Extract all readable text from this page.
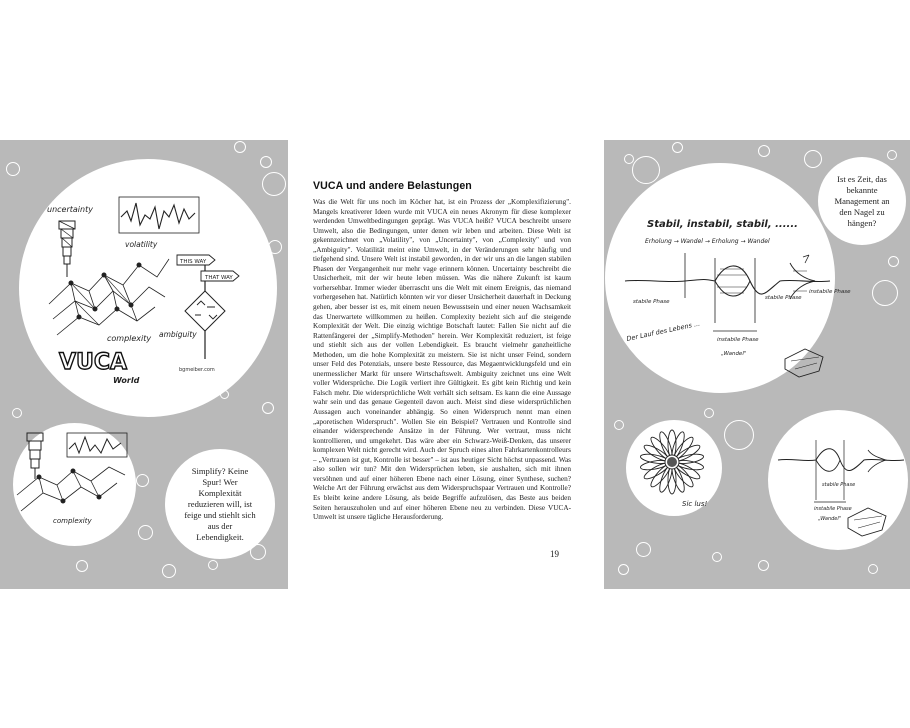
uncertainty
volatility
complexity
THIS WAY
THAT WAY
ambiguity
VUCA
World
bgmeiber.com
complexity
Simplify? Keine Spur! Wer Komplexität reduzieren will, ist feige und stiehlt sich aus der Lebendigkeit.
VUCA und andere Belastungen

Was die Welt für uns noch im Köcher hat, ist ein Prozess der „Komplexifizierung". Mangels kreativerer Ideen wurde mit VUCA ein neues Akronym für diese komplexer werdenden Umweltbedingungen geprägt. Was VUCA heißt? VUCA beschreibt unsere Umwelt, also die Bedingungen, unter denen wir leben und arbeiten. Diese Welt ist gekennzeichnet von „Volatility", von „Uncertainty", von „Complexity" und von „Ambiguity". Volatilität meint eine Umwelt, in der Veränderungen sehr häufig und tiefgehend sind. Unsere Welt ist instabil geworden, in der wir uns an die langen stabilen Phasen der Vergangenheit nur mehr vage erinnern können. Uncertainty beschreibt die Unsicherheit, mit der wir heute leben müssen. Was die nähere Zukunft ist kaum vorhersehbar. Immer wieder überrascht uns die Welt mit einem Ereignis, das niemand vorhergesehen hat. Natürlich könnten wir vor dieser Unsicherheit dauerhaft in Deckung gehen, aber besser ist es, mit einem neuen Bewusstsein und einer neuen Wachsamkeit das Unerwartete willkommen zu heißen. Complexity bezieht sich auf die steigende Komplexität der Welt. Die einzig wichtige Botschaft lautet: Fallen Sie nicht auf die Rattenfängerei der „Simplify-Methoden" herein. Wer Komplexität reduziert, ist feige und stiehlt sich aus der vollen Lebendigkeit. Es braucht vielmehr ganzheitliche Methoden, um die hohe Komplexität zu meistern. Sie ist nicht unser Feind, sondern unser Feld des Potenzials, unsere beste Ressource, das Megaentwicklungsfeld und ein unermesslicher Markt für unsere Wirtschaftswelt. Ambiguity zeichnet uns eine Welt voller Widersprüche. Die Logik verliert ihre Gültigkeit. Es gibt kein Richtig und kein Falsch mehr. Die widersprüchliche Welt verhält sich seltsam. Es kann die eine Aussage wahr sein und das genaue Gegenteil davon auch. Meist sind diese widersprüchlichen Aussagen auch voneinander abhängig. So einen Widerspruch nennt man einen „aporetischen Widerspruch". Wollen Sie ein Beispiel? Vertrauen und Kontrolle sind einander widersprechende Ansätze in der Führung. Wer vertraut, muss nicht kontrollieren, und umgekehrt. Das wäre aber ein Schwarz-Weiß-Denken, das unserer komplexen Welt nicht gerecht wird. Auch der Spruch eines alten Fahrkartenkontrolleurs – „Vertrauen ist gut, Kontrolle ist besser" – ist aus heutiger Sicht höchst unpassend. Was also sollen wir tun? Mit den Widersprüchen leben, sie aushalten, sich mit ihnen versöhnen und auf einer höheren Ebene nach einer Lösung, einer Synthese, suchen? Welche Art der Führung erwächst aus dem Widerspruchspaar Vertrauen und Kontrolle? Es bleibt keine andere Lösung, als beide Begriffe aufzulösen, das Beste aus beiden Seiten herauszuholen und auf einer höheren Ebene neu zu verbinden. Diese VUCA-Umwelt ist unsere tägliche Herausforderung.

19
Stabil, instabil, stabil, ......
Erholung → Wandel → Erholung → Wandel
stabile Phase
stabile Phase
instabile Phase
instabile Phase
„Wandel"
Der Lauf des Lebens ...
Ist es Zeit, das bekannte Management an den Nagel zu hängen?
Sic lus!
stabile Phase
instabile Phase
„Wandel"
